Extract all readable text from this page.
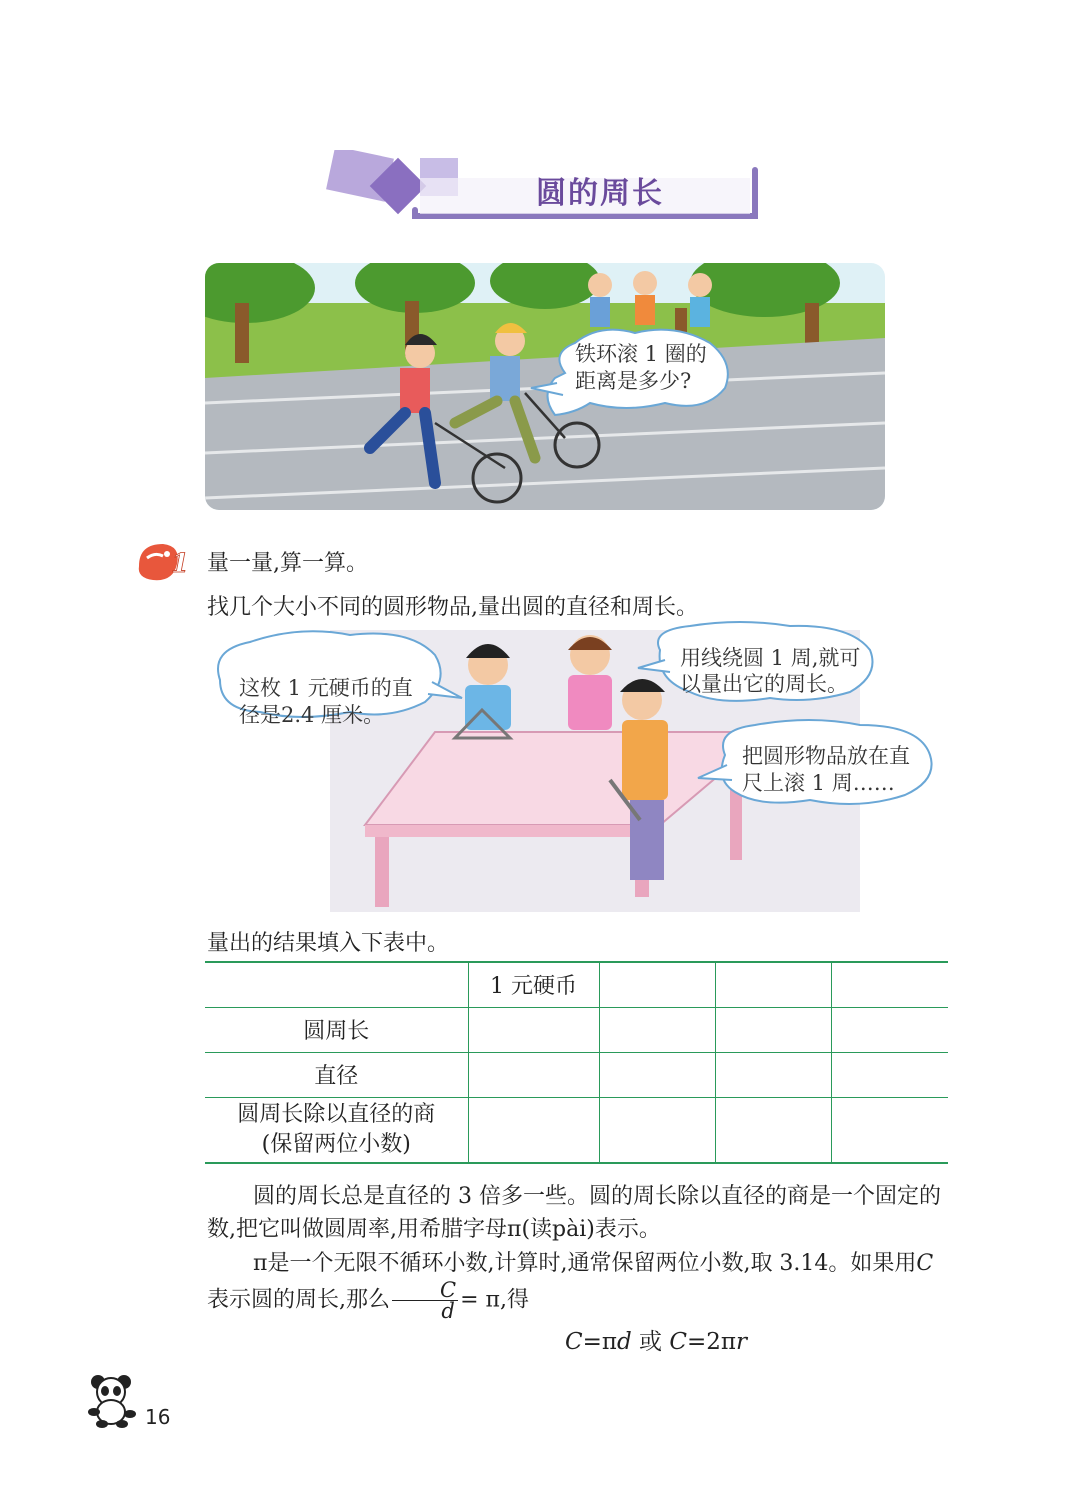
圆的周长
铁环滚 1 圈的
距离是多少?
1 量一量,算一算。
找几个大小不同的圆形物品,量出圆的直径和周长。
这枚 1 元硬币的直
径是2.4 厘米。
用线绕圆 1 周,就可
以量出它的周长。
把圆形物品放在直
尺上滚 1 周……
量出的结果填入下表中。
	1 元硬币			
圆周长				
直径				

圆周长除以直径的商
(保留两位小数)				

圆的周长总是直径的 3 倍多一些。圆的周长除以直径的商是一个固定的数,把它叫做圆周率,用希腊字母π(读pài)表示。
π是一个无限不循环小数,计算时,通常保留两位小数,取 3.14。如果用C表示圆的周长,那么 $\frac{C}{d} = \pi$,得
C=πd 或 C=2πr
16
